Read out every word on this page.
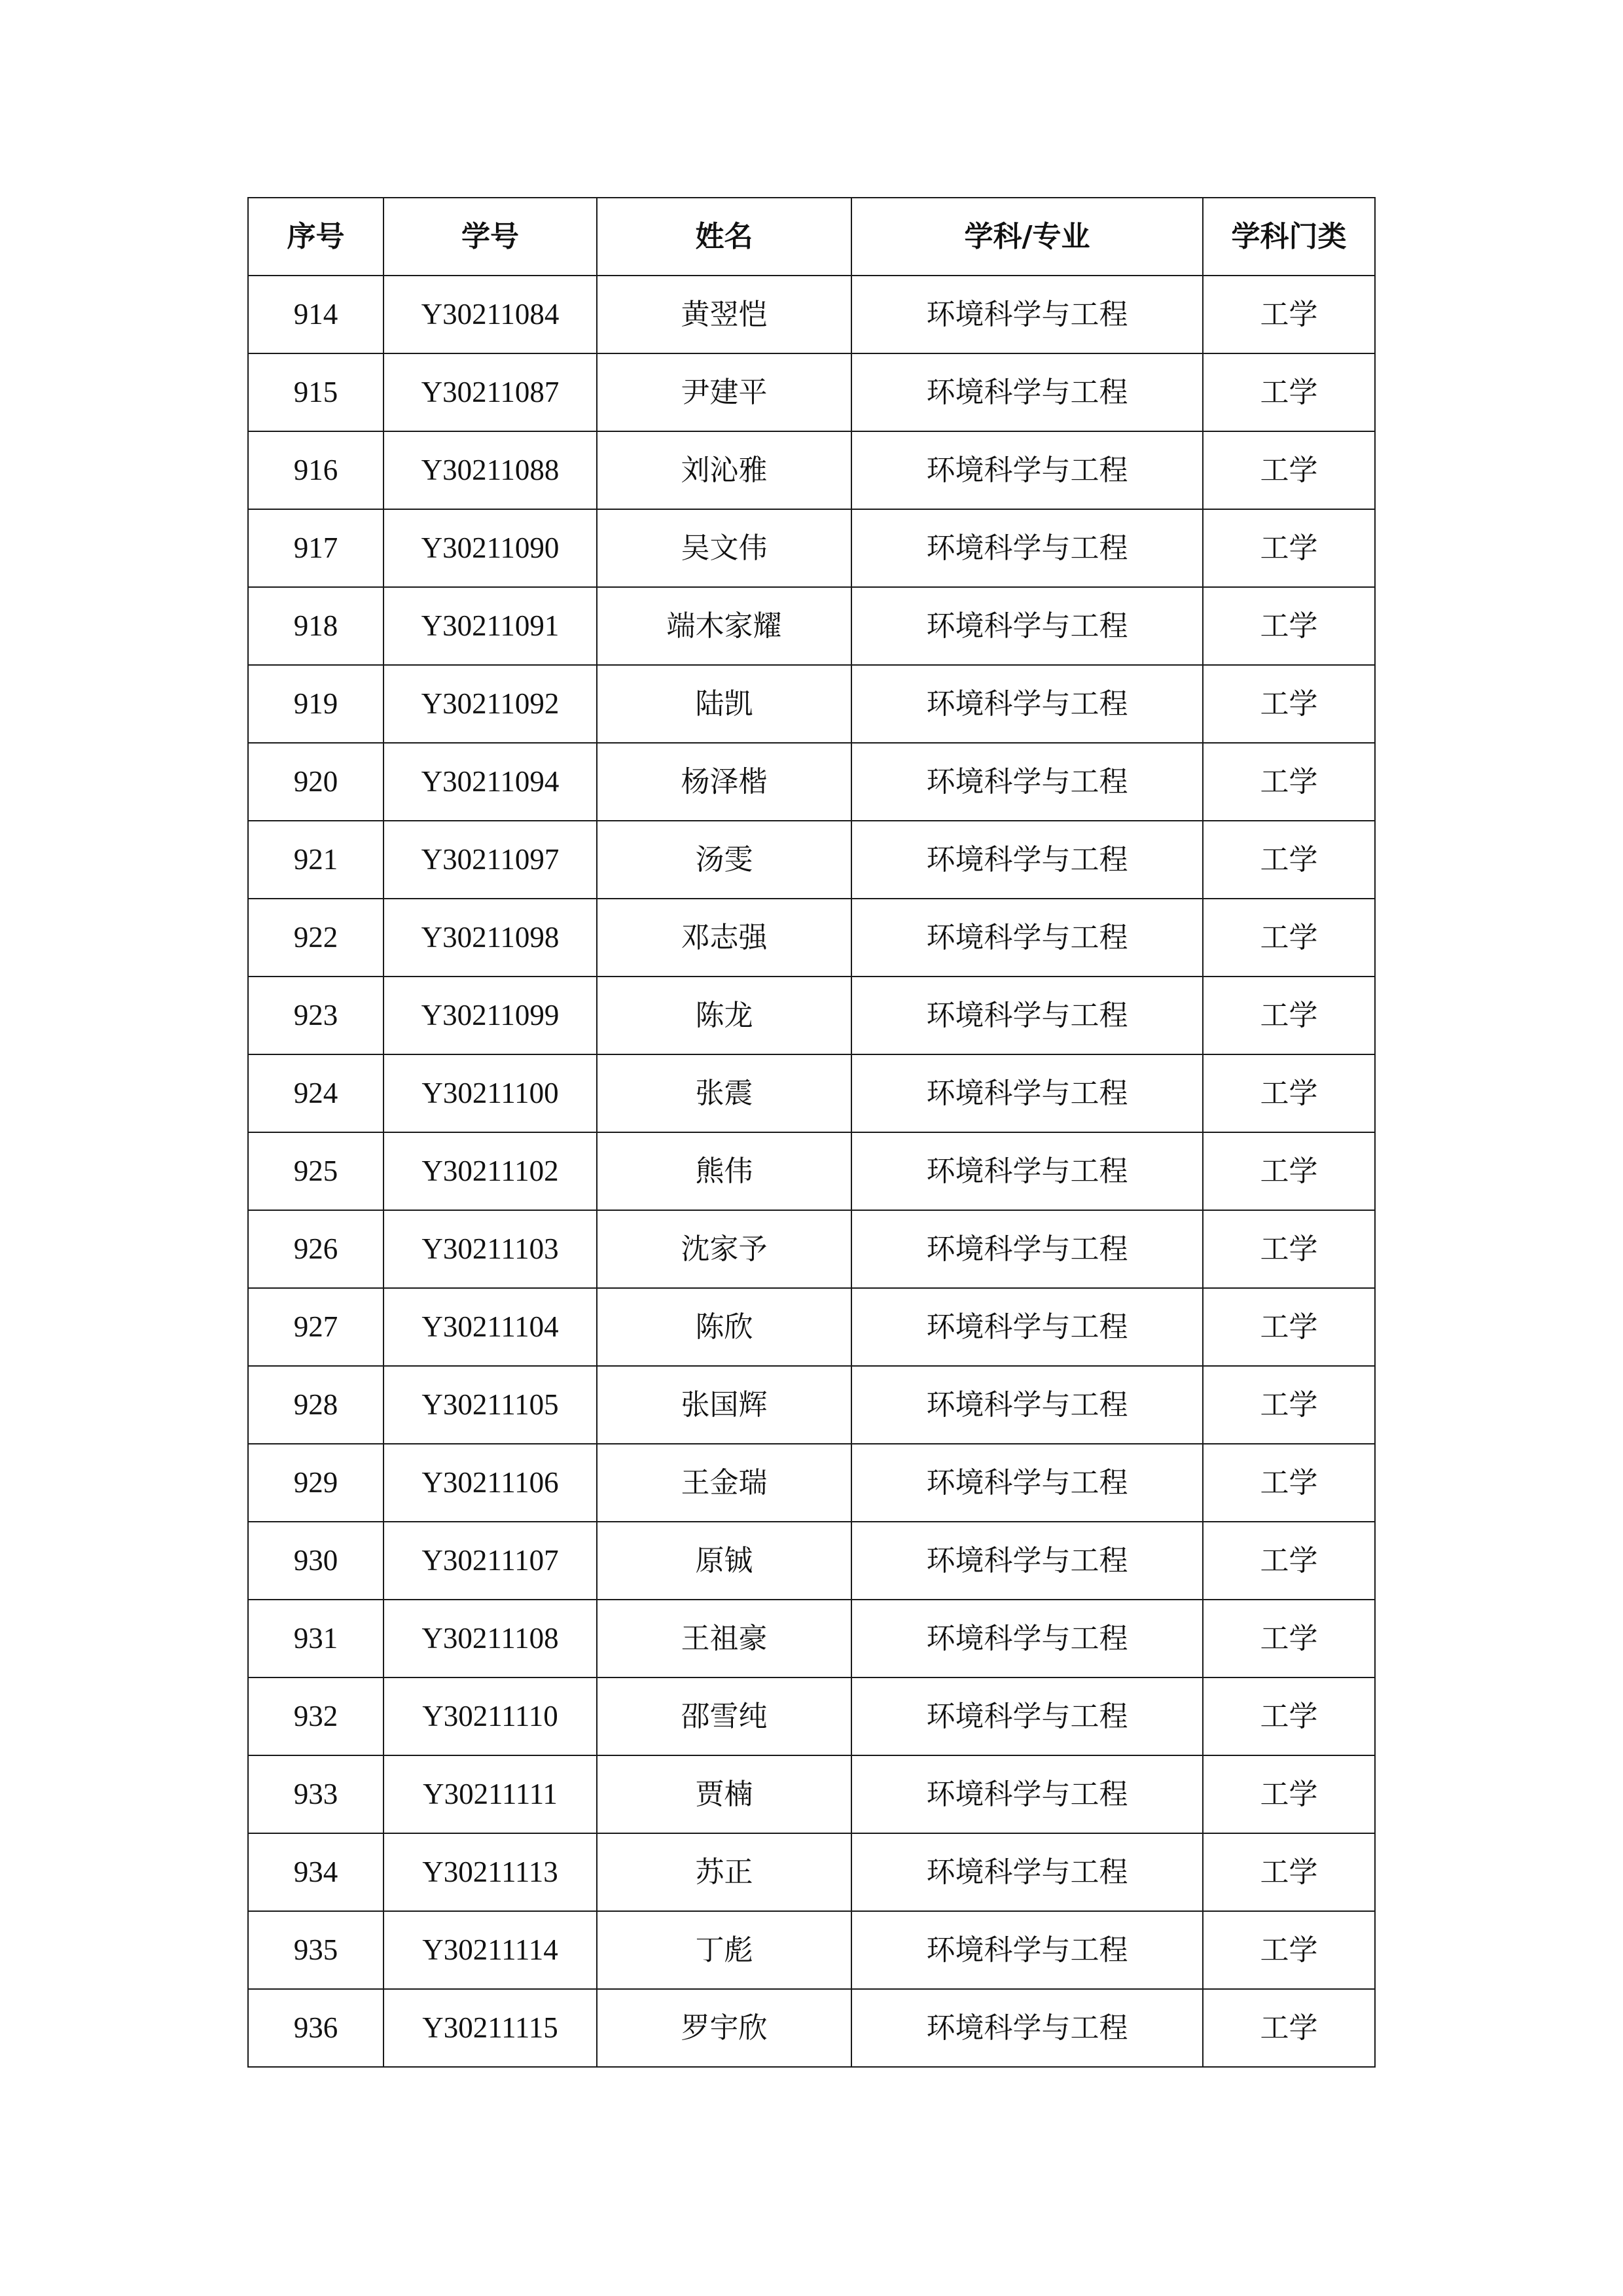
序号	学号	姓名	学科/专业	学科门类
914	Y30211084	黄翌恺	环境科学与工程	工学
915	Y30211087	尹建平	环境科学与工程	工学
916	Y30211088	刘沁雅	环境科学与工程	工学
917	Y30211090	吴文伟	环境科学与工程	工学
918	Y30211091	端木家耀	环境科学与工程	工学
919	Y30211092	陆凯	环境科学与工程	工学
920	Y30211094	杨泽楷	环境科学与工程	工学
921	Y30211097	汤雯	环境科学与工程	工学
922	Y30211098	邓志强	环境科学与工程	工学
923	Y30211099	陈龙	环境科学与工程	工学
924	Y30211100	张震	环境科学与工程	工学
925	Y30211102	熊伟	环境科学与工程	工学
926	Y30211103	沈家予	环境科学与工程	工学
927	Y30211104	陈欣	环境科学与工程	工学
928	Y30211105	张国辉	环境科学与工程	工学
929	Y30211106	王金瑞	环境科学与工程	工学
930	Y30211107	原铖	环境科学与工程	工学
931	Y30211108	王祖豪	环境科学与工程	工学
932	Y30211110	邵雪纯	环境科学与工程	工学
933	Y30211111	贾楠	环境科学与工程	工学
934	Y30211113	苏正	环境科学与工程	工学
935	Y30211114	丁彪	环境科学与工程	工学
936	Y30211115	罗宇欣	环境科学与工程	工学
